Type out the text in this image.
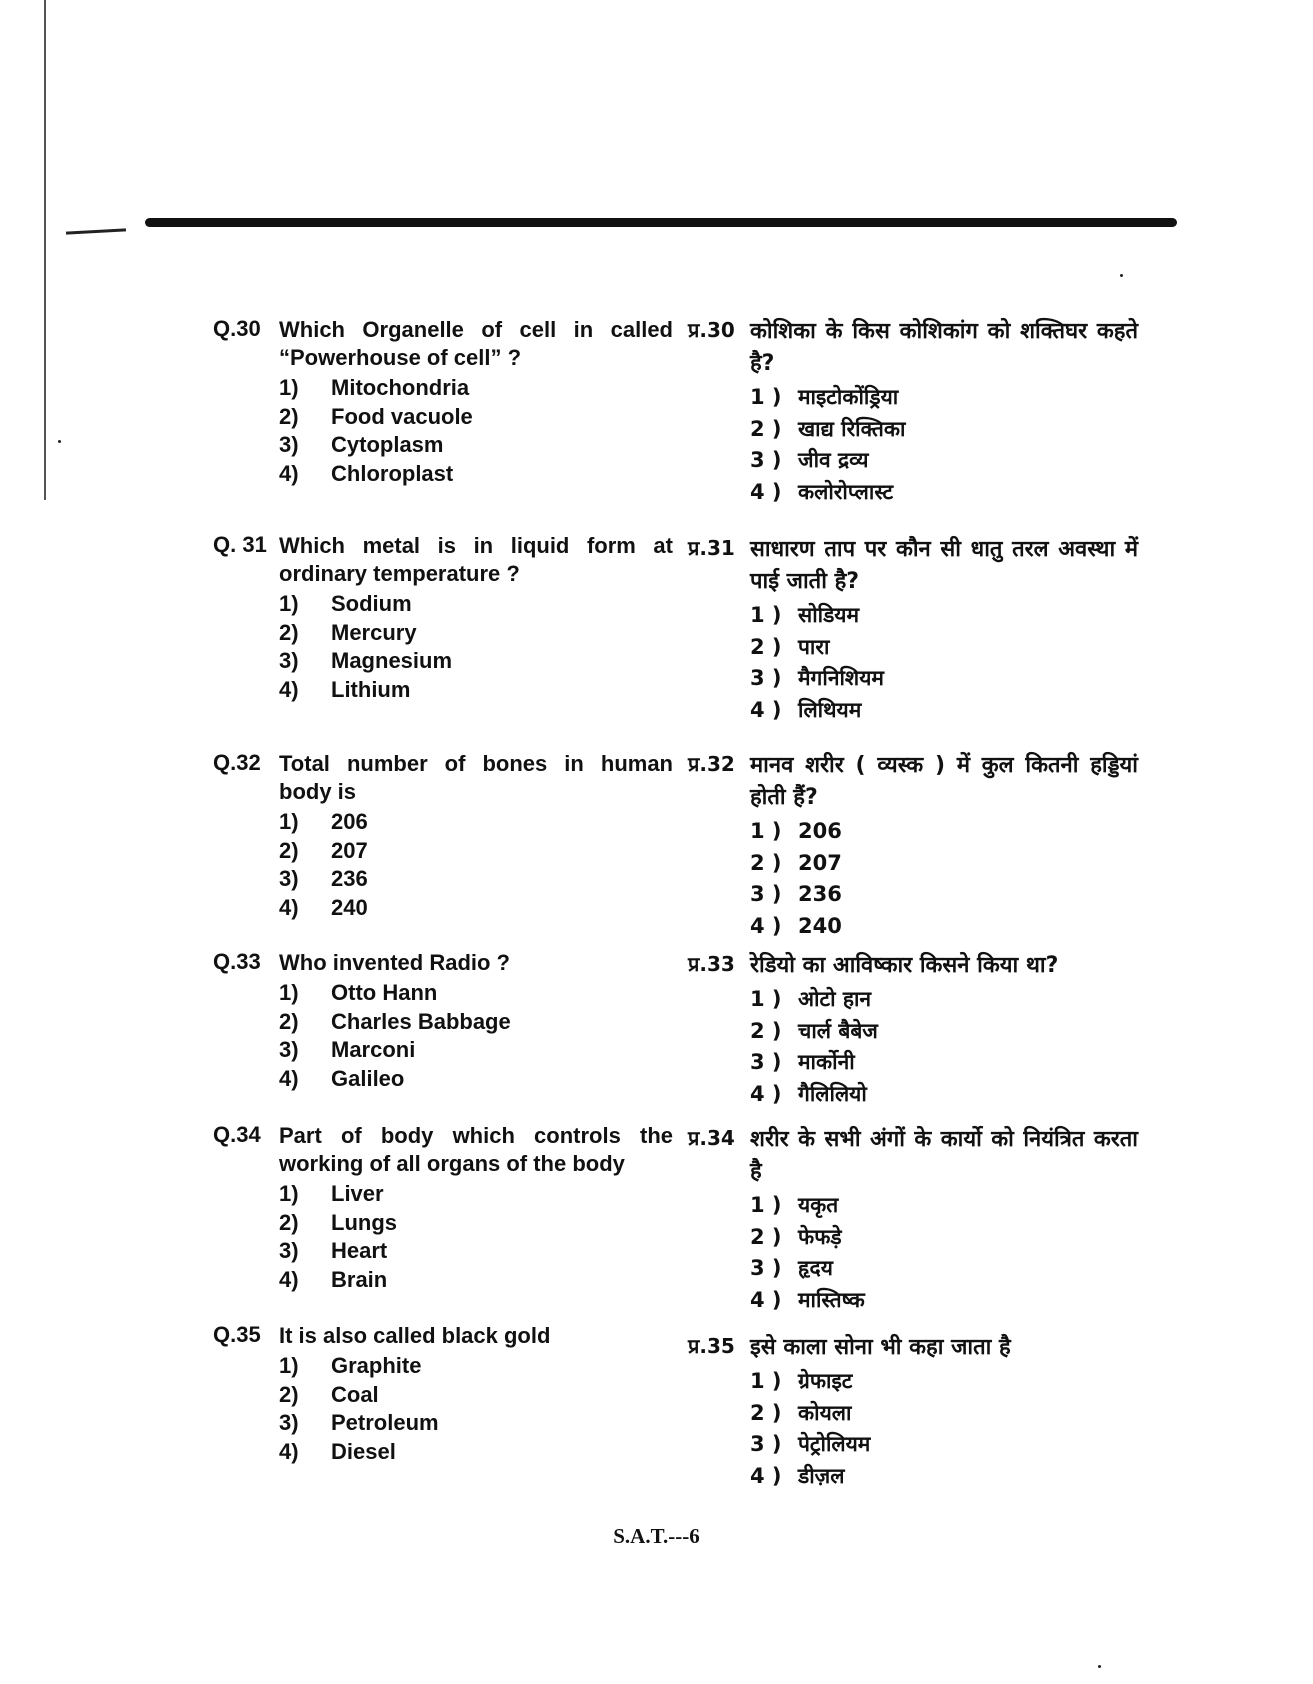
Q.30 Which Organelle of cell in called “Powerhouse of cell” ?
1) Mitochondria
2) Food vacuole
3) Cytoplasm
4) Chloroplast
Q. 31 Which metal is in liquid form at ordinary temperature ?
1) Sodium
2) Mercury
3) Magnesium
4) Lithium
Q.32 Total number of bones in human body is
1) 206
2) 207
3) 236
4) 240
Q.33 Who invented Radio ?
1) Otto Hann
2) Charles Babbage
3) Marconi
4) Galileo
Q.34 Part of body which controls the working of all organs of the body
1) Liver
2) Lungs
3) Heart
4) Brain
Q.35 It is also called black gold
1) Graphite
2) Coal
3) Petroleum
4) Diesel
प्र.30 कोशिका के किस कोशिकांग को शक्तिघर कहते है?
1 ) माइटोकोंड्रिया
2 ) खाद्य रिक्तिका
3 ) जीव द्रव्य
4 ) कलोरोप्लास्ट
प्र.31 साधारण ताप पर कौन सी धातु तरल अवस्था में पाई जाती है?
1 ) सोडियम
2 ) पारा
3 ) मैगनिशियम
4 ) लिथियम
प्र.32 मानव शरीर ( व्यस्क ) में कुल कितनी हड्डियां होती हैं?
1 ) 206
2 ) 207
3 ) 236
4 ) 240
प्र.33 रेडियो का आविष्कार किसने किया था?
1 ) ओटो हान
2 ) चार्ल बैबेज
3 ) मार्कोनी
4 ) गैलिलियो
प्र.34 शरीर के सभी अंगों के कार्यो को नियंत्रित करता है
1 ) यकृत
2 ) फेफड़े
3 ) हृदय
4 ) मास्तिष्क
प्र.35 इसे काला सोना भी कहा जाता है
1 ) ग्रेफाइट
2 ) कोयला
3 ) पेट्रोलियम
4 ) डीज़ल
S.A.T.---6
